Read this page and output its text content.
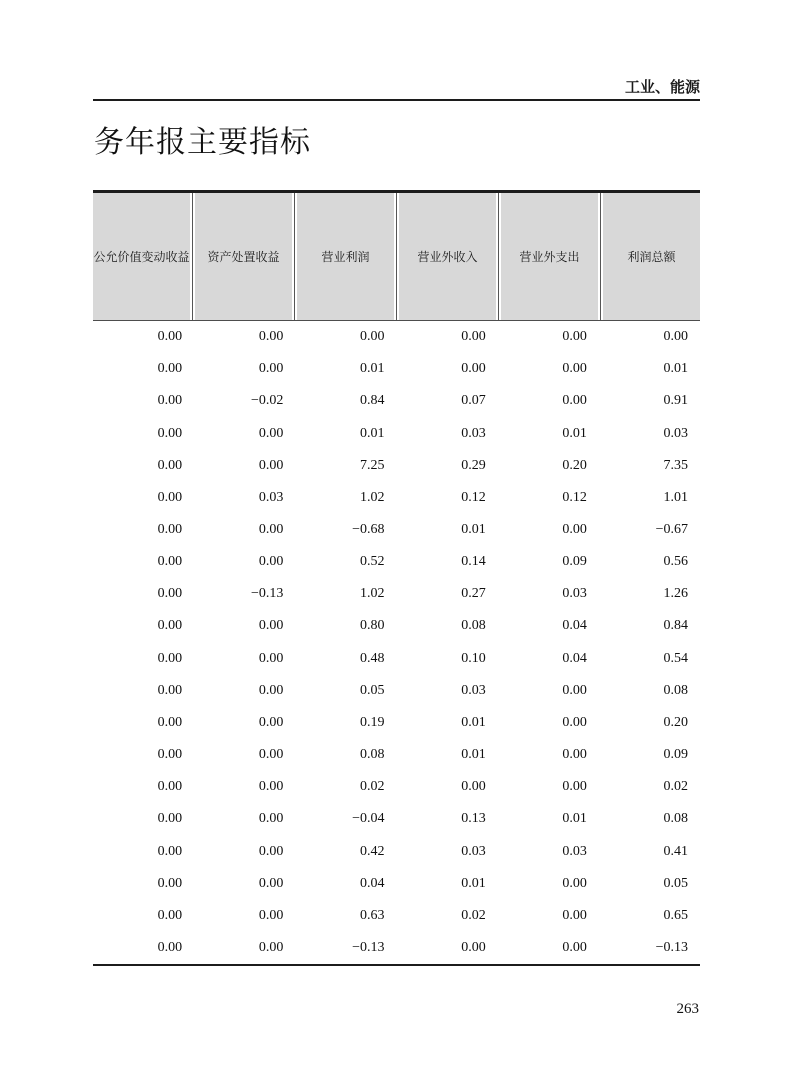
工业、能源
务年报主要指标
公允价值变动收益	资产处置收益	营业利润	营业外收入	营业外支出	利润总额
0.00	0.00	0.00	0.00	0.00	0.00
0.00	0.00	0.01	0.00	0.00	0.01
0.00	−0.02	0.84	0.07	0.00	0.91
0.00	0.00	0.01	0.03	0.01	0.03
0.00	0.00	7.25	0.29	0.20	7.35
0.00	0.03	1.02	0.12	0.12	1.01
0.00	0.00	−0.68	0.01	0.00	−0.67
0.00	0.00	0.52	0.14	0.09	0.56
0.00	−0.13	1.02	0.27	0.03	1.26
0.00	0.00	0.80	0.08	0.04	0.84
0.00	0.00	0.48	0.10	0.04	0.54
0.00	0.00	0.05	0.03	0.00	0.08
0.00	0.00	0.19	0.01	0.00	0.20
0.00	0.00	0.08	0.01	0.00	0.09
0.00	0.00	0.02	0.00	0.00	0.02
0.00	0.00	−0.04	0.13	0.01	0.08
0.00	0.00	0.42	0.03	0.03	0.41
0.00	0.00	0.04	0.01	0.00	0.05
0.00	0.00	0.63	0.02	0.00	0.65
0.00	0.00	−0.13	0.00	0.00	−0.13
263
